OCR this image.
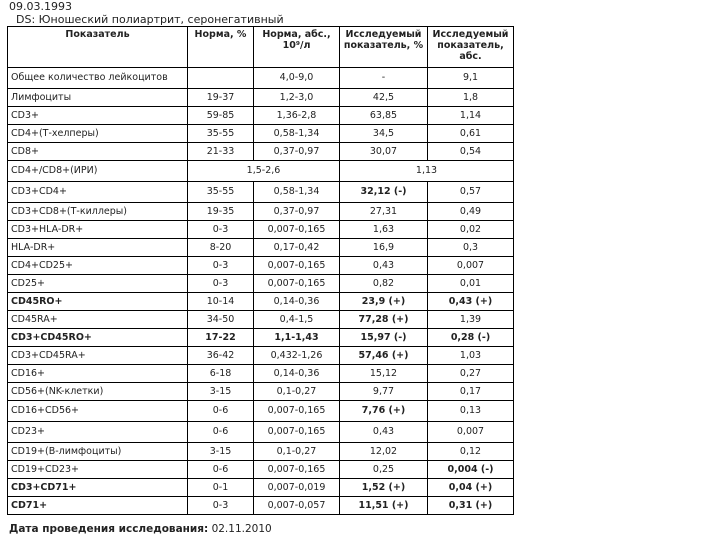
09.03.1993
DS: Юношеский полиартрит, серонегативный
Показатель	Норма, %	Норма, абс., 10⁹/л	Исследуемый показатель, %	Исследуемый показатель, абс.
Общее количество лейкоцитов		4,0-9,0	-	9,1
Лимфоциты	19-37	1,2-3,0	42,5	1,8
CD3+	59-85	1,36-2,8	63,85	1,14
CD4+(Т-хелперы)	35-55	0,58-1,34	34,5	0,61
CD8+	21-33	0,37-0,97	30,07	0,54
CD4+/CD8+(ИРИ)	1,5-2,6		1,13	
CD3+CD4+	35-55	0,58-1,34	32,12 (-)	0,57
CD3+CD8+(Т-киллеры)	19-35	0,37-0,97	27,31	0,49
CD3+HLA-DR+	0-3	0,007-0,165	1,63	0,02
HLA-DR+	8-20	0,17-0,42	16,9	0,3
CD4+CD25+	0-3	0,007-0,165	0,43	0,007
CD25+	0-3	0,007-0,165	0,82	0,01
CD45RO+	10-14	0,14-0,36	23,9 (+)	0,43 (+)
CD45RA+	34-50	0,4-1,5	77,28 (+)	1,39
CD3+CD45RO+	17-22	1,1-1,43	15,97 (-)	0,28 (-)
CD3+CD45RA+	36-42	0,432-1,26	57,46 (+)	1,03
CD16+	6-18	0,14-0,36	15,12	0,27
CD56+(NK-клетки)	3-15	0,1-0,27	9,77	0,17
CD16+CD56+	0-6	0,007-0,165	7,76 (+)	0,13
CD23+	0-6	0,007-0,165	0,43	0,007
CD19+(В-лимфоциты)	3-15	0,1-0,27	12,02	0,12
CD19+CD23+	0-6	0,007-0,165	0,25	0,004 (-)
CD3+CD71+	0-1	0,007-0,019	1,52 (+)	0,04 (+)
CD71+	0-3	0,007-0,057	11,51 (+)	0,31 (+)
Дата проведения исследования: 02.11.2010
